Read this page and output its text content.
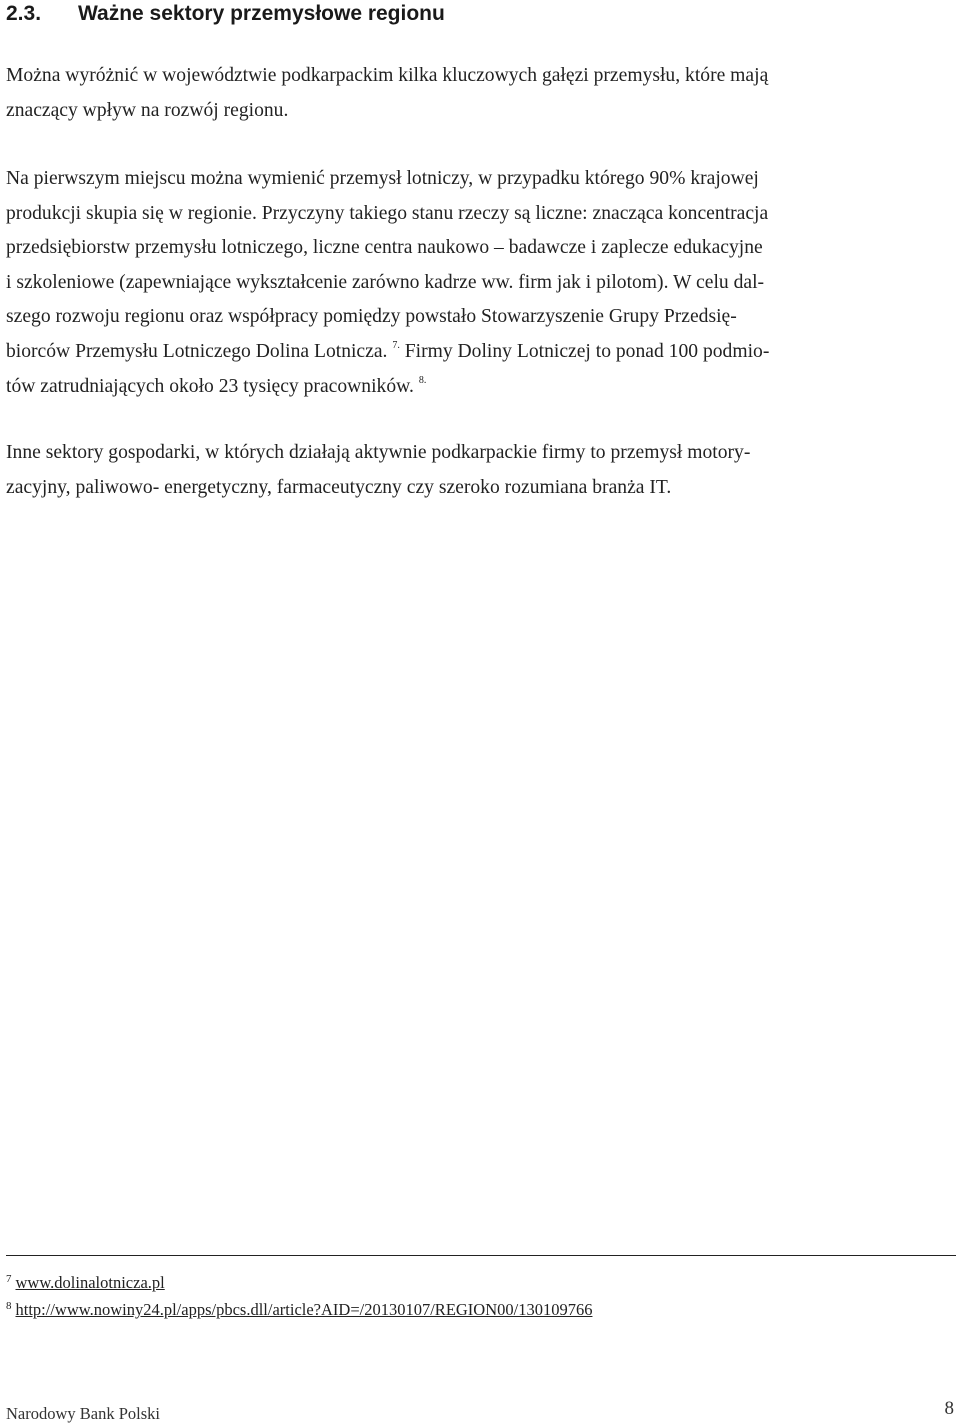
2.3. Ważne sektory przemysłowe regionu
Można wyróżnić w województwie podkarpackim kilka kluczowych gałęzi przemysłu, które mają
znaczący wpływ na rozwój regionu.
Na pierwszym miejscu można wymienić przemysł lotniczy, w przypadku którego 90% krajowej
produkcji skupia się w regionie. Przyczyny takiego stanu rzeczy są liczne: znacząca koncentracja
przedsiębiorstw przemysłu lotniczego, liczne centra naukowo – badawcze i zaplecze edukacyjne
i szkoleniowe (zapewniające wykształcenie zarówno kadrze ww. firm jak i pilotom). W celu dal-
szego rozwoju regionu oraz współpracy pomiędzy powstało Stowarzyszenie Grupy Przedsię-
biorców Przemysłu Lotniczego Dolina Lotnicza. $^{7.}$ Firmy Doliny Lotniczej to ponad 100 podmio-
tów zatrudniających około 23 tysięcy pracowników. $^{8.}$
Inne sektory gospodarki, w których działają aktywnie podkarpackie firmy to przemysł motory-
zacyjny, paliwowo- energetyczny, farmaceutyczny czy szeroko rozumiana branża IT.
$^7$ www.dolinalotnicza.pl
$^8$ http://www.nowiny24.pl/apps/pbcs.dll/article?AID=/20130107/REGION00/130109766
Narodowy Bank Polski	8
